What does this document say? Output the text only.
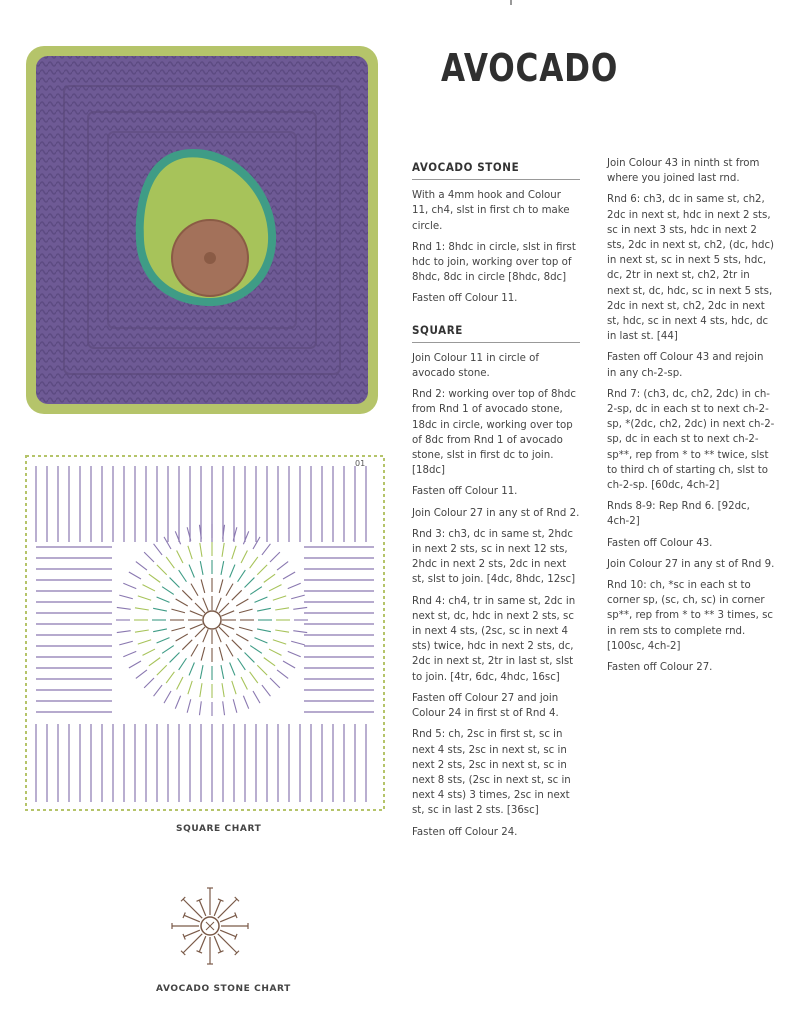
AVOCADO
AVOCADO STONE

With a 4mm hook and Colour 11, ch4, slst in first ch to make circle.

Rnd 1: 8hdc in circle, slst in first hdc to join, working over top of 8hdc, 8dc in circle [8hdc, 8dc]

Fasten off Colour 11.

SQUARE

Join Colour 11 in circle of avocado stone.

Rnd 2: working over top of 8hdc from Rnd 1 of avocado stone, 18dc in circle, working over top of 8dc from Rnd 1 of avocado stone, slst in first dc to join. [18dc]

Fasten off Colour 11.

Join Colour 27 in any st of Rnd 2.

Rnd 3: ch3, dc in same st, 2hdc in next 2 sts, sc in next 12 sts, 2hdc in next 2 sts, 2dc in next st, slst to join. [4dc, 8hdc, 12sc]

Rnd 4: ch4, tr in same st, 2dc in next st, dc, hdc in next 2 sts, sc in next 4 sts, (2sc, sc in next 4 sts) twice, hdc in next 2 sts, dc, 2dc in next st, 2tr in last st, slst to join. [4tr, 6dc, 4hdc, 16sc]

Fasten off Colour 27 and join Colour 24 in first st of Rnd 4.

Rnd 5: ch, 2sc in first st, sc in next 4 sts, 2sc in next st, sc in next 2 sts, 2sc in next st, sc in next 8 sts, (2sc in next st, sc in next 4 sts) 3 times, 2sc in next st, sc in last 2 sts. [36sc]

Fasten off Colour 24.

Join Colour 43 in ninth st from where you joined last rnd.

Rnd 6: ch3, dc in same st, ch2, 2dc in next st, hdc in next 2 sts, sc in next 3 sts, hdc in next 2 sts, 2dc in next st, ch2, (dc, hdc) in next st, sc in next 5 sts, hdc, dc, 2tr in next st, ch2, 2tr in next st, dc, hdc, sc in next 5 sts, 2dc in next st, ch2, 2dc in next st, hdc, sc in next 4 sts, hdc, dc in last st. [44]

Fasten off Colour 43 and rejoin in any ch-2-sp.

Rnd 7: (ch3, dc, ch2, 2dc) in ch-2-sp, dc in each st to next ch-2-sp, *(2dc, ch2, 2dc) in next ch-2-sp, dc in each st to next ch-2-sp**, rep from * to ** twice, slst to third ch of starting ch, slst to ch-2-sp. [60dc, 4ch-2]

Rnds 8-9: Rep Rnd 6. [92dc, 4ch-2]

Fasten off Colour 43.

Join Colour 27 in any st of Rnd 9.

Rnd 10: ch, *sc in each st to corner sp, (sc, ch, sc) in corner sp**, rep from * to ** 3 times, sc in rem sts to complete rnd. [100sc, 4ch-2]

Fasten off Colour 27.

01
SQUARE CHART
AVOCADO STONE CHART
